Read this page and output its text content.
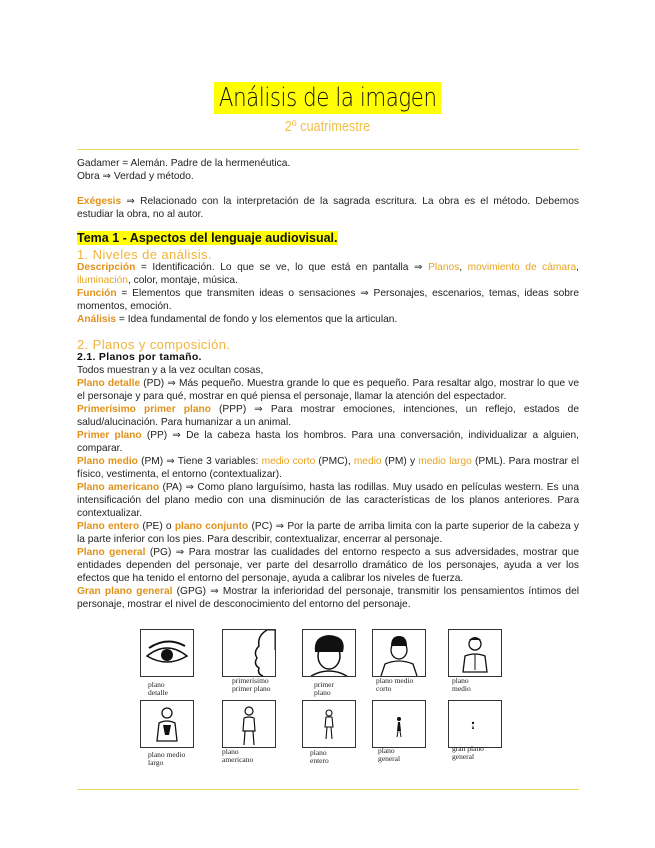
Análisis de la imagen
2º cuatrimestre

Gadamer = Alemán. Padre de la hermenéutica.

Obra ⇒ Verdad y método.

Exégesis ⇒ Relacionado con la interpretación de la sagrada escritura. La obra es el método. Debemos estudiar la obra, no al autor.
Tema 1 - Aspectos del lenguaje audiovisual.
1. Niveles de análisis.

Descripción = Identificación. Lo que se ve, lo que está en pantalla ⇒ Planos, movimiento de cámara, iluminación, color, montaje, música.

Función = Elementos que transmiten ideas o sensaciones ⇒ Personajes, escenarios, temas, ideas sobre momentos, emoción.

Análisis = Idea fundamental de fondo y los elementos que la articulan.

2. Planos y composición.
2.1. Planos por tamaño.

Todos muestran y a la vez ocultan cosas,

Plano detalle (PD) ⇒ Más pequeño. Muestra grande lo que es pequeño. Para resaltar algo, mostrar lo que ve el personaje y para qué, mostrar en qué piensa el personaje, llamar la atención del espectador.

Primerísimo primer plano (PPP) ⇒ Para mostrar emociones, intenciones, un reflejo, estados de salud/alucinación. Para humanizar a un animal.

Primer plano (PP) ⇒ De la cabeza hasta los hombros. Para una conversación, individualizar a alguien, comparar.

Plano medio (PM) ⇒ Tiene 3 variables: medio corto (PMC), medio (PM) y medio largo (PML). Para mostrar el físico, vestimenta, el entorno (contextualizar).

Plano americano (PA) ⇒ Como plano larguísimo, hasta las rodillas. Muy usado en películas western. Es una intensificación del plano medio con una disminución de las características de los planos anteriores. Para contextualizar.

Plano entero (PE) o plano conjunto (PC) ⇒ Por la parte de arriba limita con la parte superior de la cabeza y la parte inferior con los pies. Para describir, contextualizar, encerrar al personaje.

Plano general (PG) ⇒ Para mostrar las cualidades del entorno respecto a sus adversidades, mostrar que entidades dependen del personaje, ver parte del desarrollo dramático de los personajes, ayuda a ver los efectos que ha tenido el entorno del personaje, ayuda a calibrar los niveles de fuerza.

Gran plano general (GPG) ⇒ Mostrar la inferioridad del personaje, transmitir los pensamientos íntimos del personaje, mostrar el nivel de desconocimiento del entorno del personaje.

plano detalle
primerísimo primer plano	primer plano
plano medio corto
plano medio
plano medio largo
plano americano
plano entero
plano general
gran plano general
